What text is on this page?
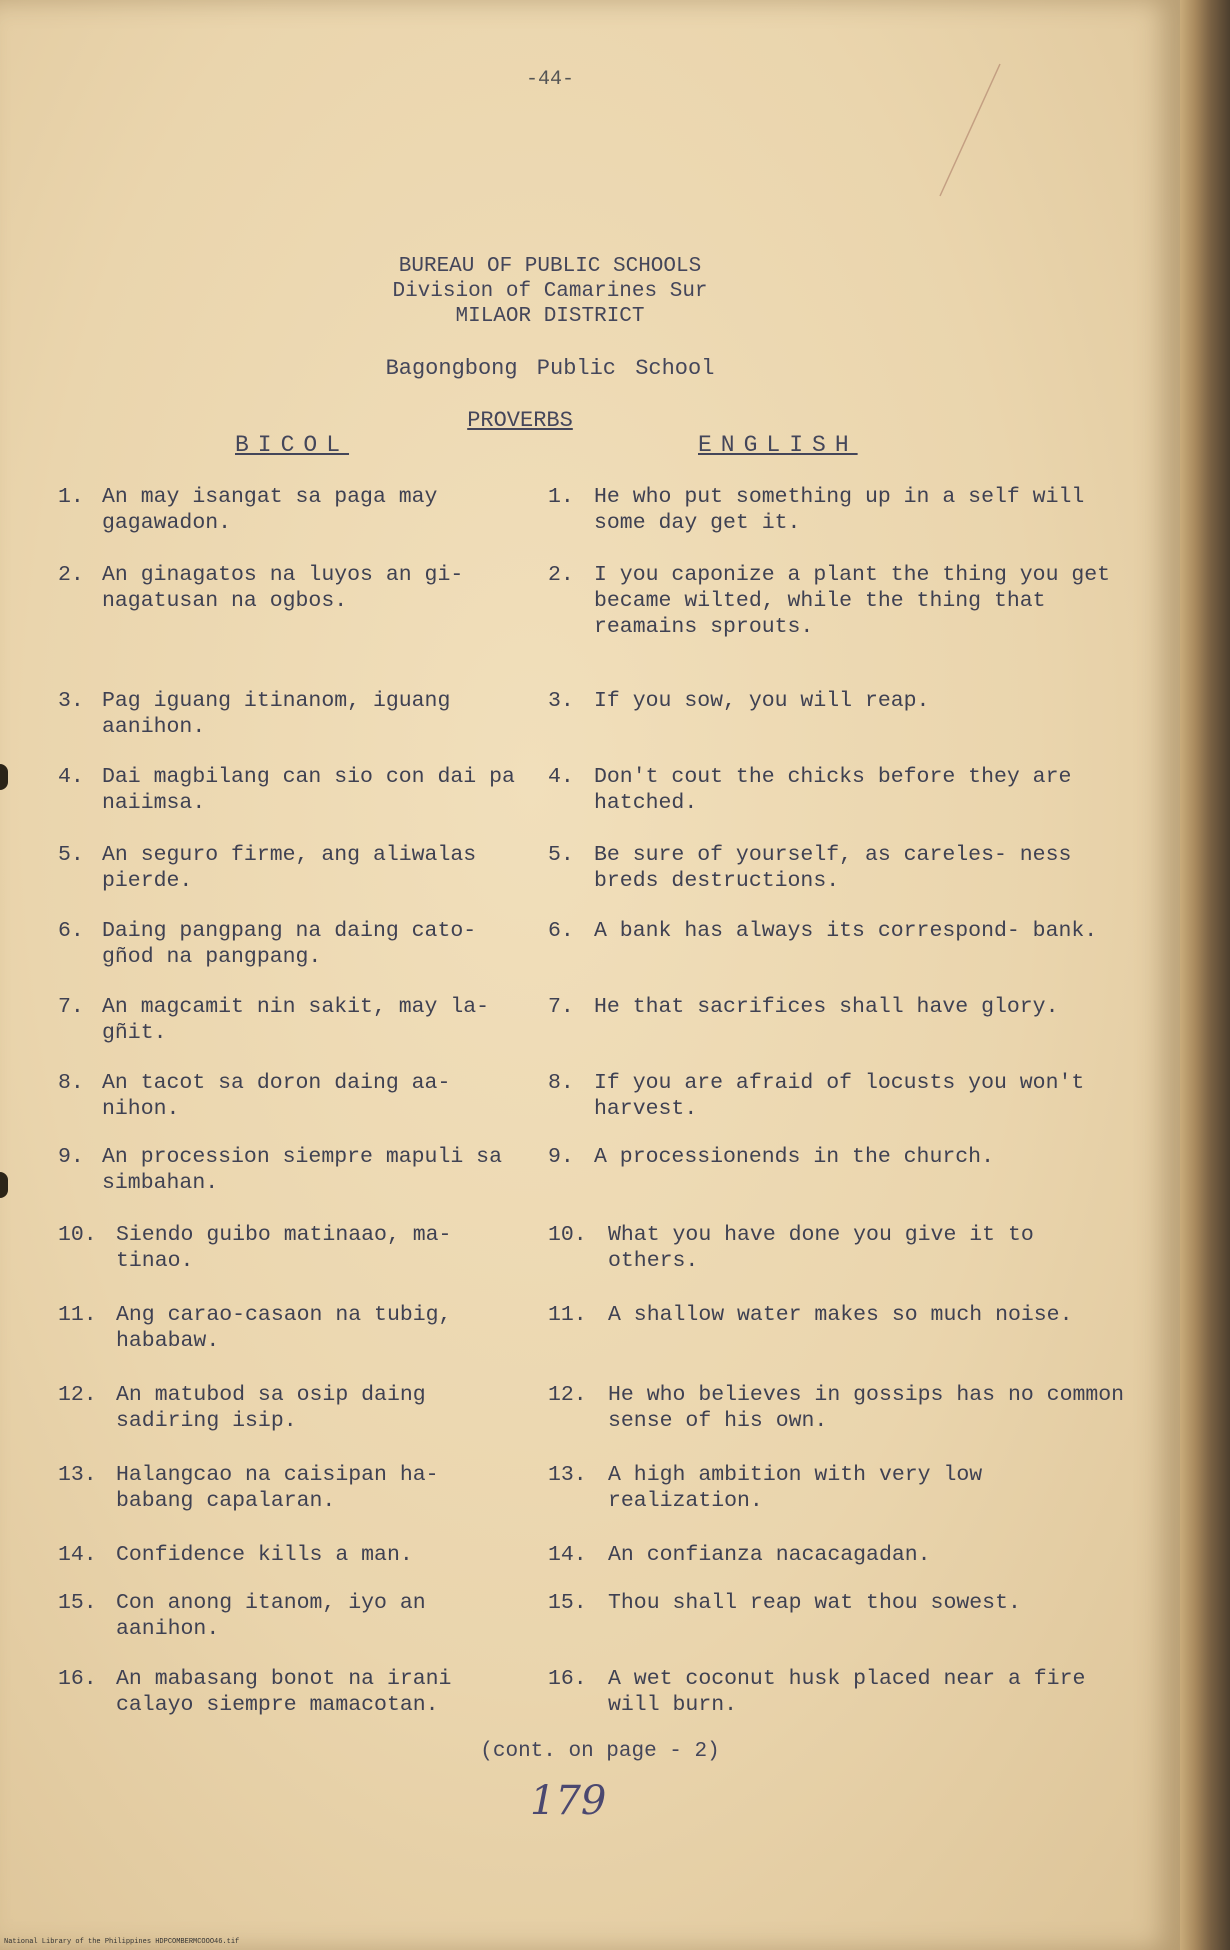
-44-
BUREAU OF PUBLIC SCHOOLS
Division of Camarines Sur
MILAOR DISTRICT
Bagongbong Public School
PROVERBS
BICOL	ENGLISH
1. An may isangat sa paga may gagawadon.
1. He who put something up in a self will some day get it.
2. An ginagatos na luyos an gi- nagatusan na ogbos.
2. I you caponize a plant the thing you get became wilted, while the thing that reamains sprouts.
3. Pag iguang itinanom, iguang aanihon.
3. If you sow, you will reap.
4. Dai magbilang can sio con dai pa naiimsa.
4. Don't cout the chicks before they are hatched.
5. An seguro firme, ang aliwalas pierde.
5. Be sure of yourself, as careles- ness breds destructions.
6. Daing pangpang na daing cato- gñod na pangpang.
6. A bank has always its correspond- bank.
7. An magcamit nin sakit, may la- gñit.
7. He that sacrifices shall have glory.
8. An tacot sa doron daing aa- nihon.
8. If you are afraid of locusts you won't harvest.
9. An procession siempre mapuli sa simbahan.
9. A processionends in the church.
10. Siendo guibo matinaao, ma- tinao.
10. What you have done you give it to others.
11. Ang carao-casaon na tubig, hababaw.
11. A shallow water makes so much noise.
12. An matubod sa osip daing sadiring isip.
12. He who believes in gossips has no common sense of his own.
13. Halangcao na caisipan ha- babang capalaran.
13. A high ambition with very low realization.
14. Confidence kills a man.	14. An confianza nacacagadan.
15. Con anong itanom, iyo an aanihon.
15. Thou shall reap wat thou sowest.
16. An mabasang bonot na irani calayo siempre mamacotan.
16. A wet coconut husk placed near a fire will burn.
(cont. on page - 2)
179
National Library of the Philippines HDPCOMBERMCOOO46.tif
